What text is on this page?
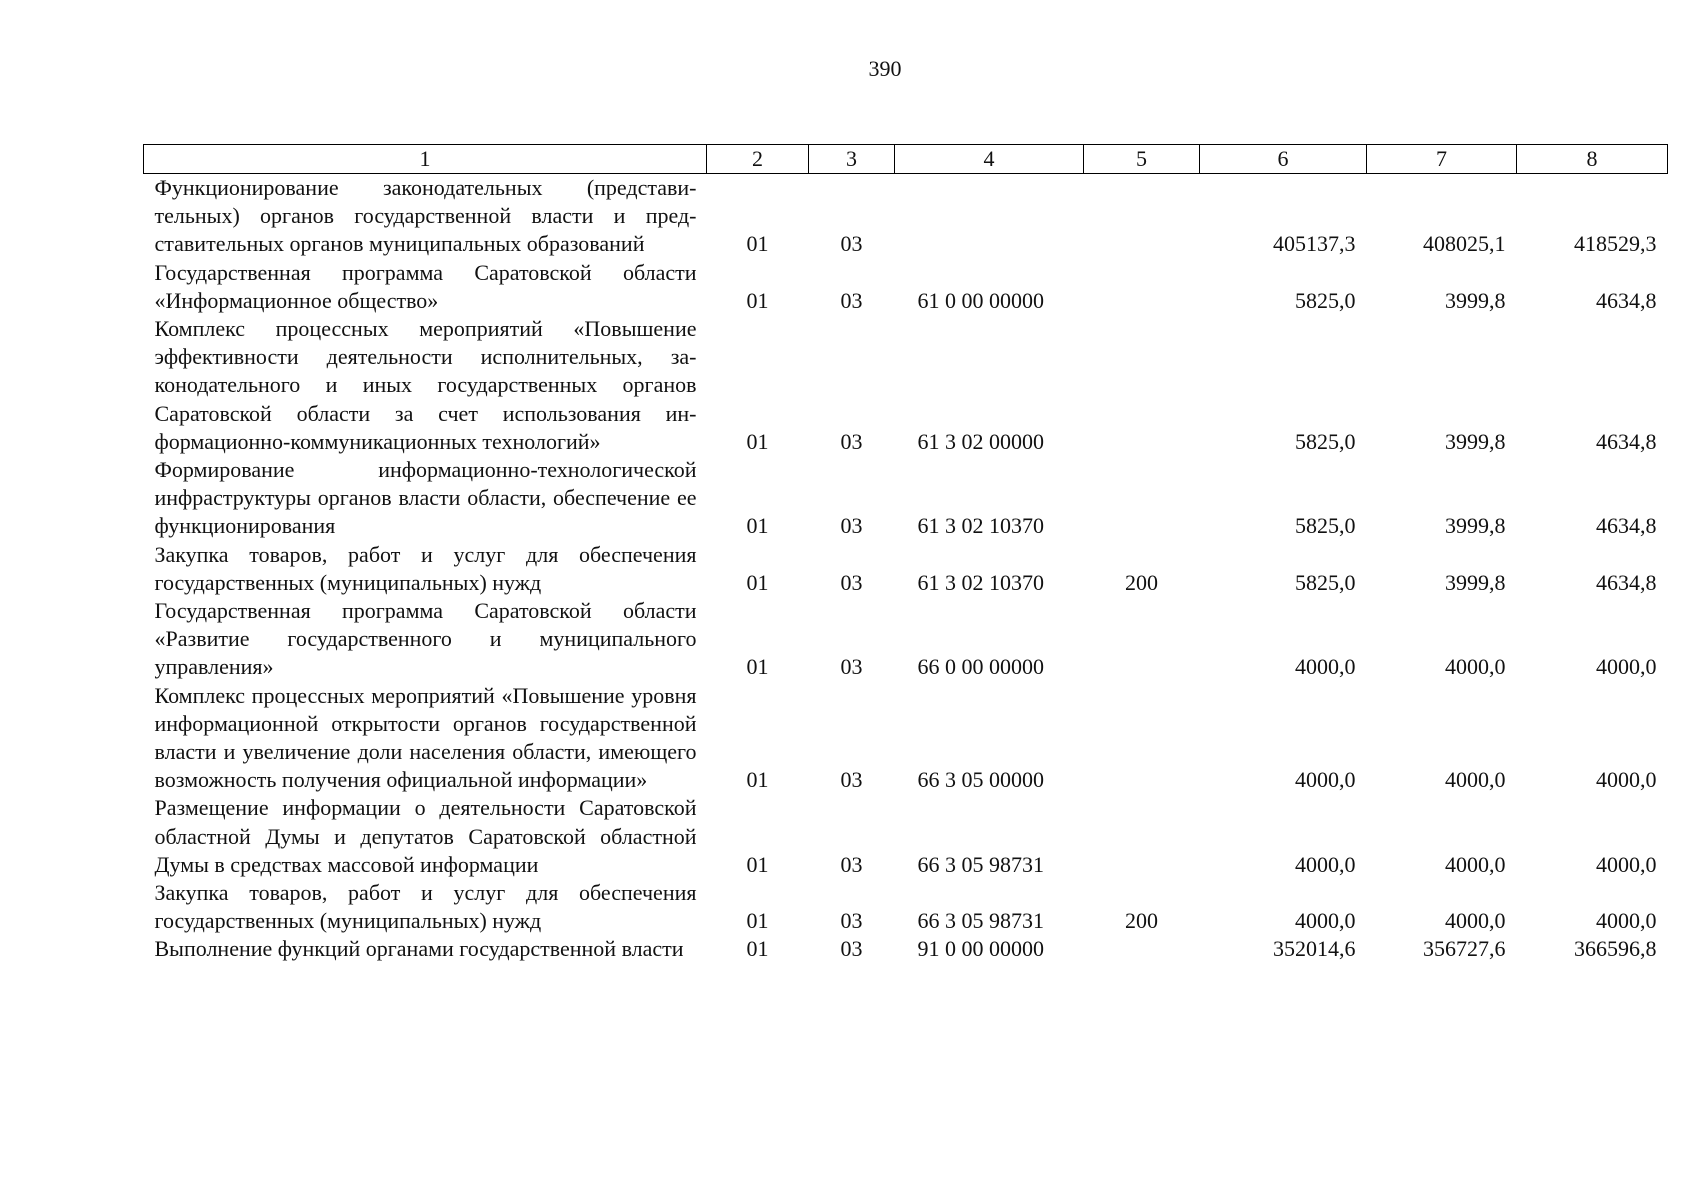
390
1	2	3	4	5	6	7	8
Функционирование законодательных (представительных) органов государственной власти и представительных органов муниципальных образований	01	03			405137,3	408025,1	418529,3
Государственная программа Саратовской области «Информационное общество»	01	03	61 0 00 00000		5825,0	3999,8	4634,8
Комплекс процессных мероприятий «Повышение эффективности деятельности исполнительных, законодательного и иных государственных органов Саратовской области за счет использования информационно-коммуникационных технологий»	01	03	61 3 02 00000		5825,0	3999,8	4634,8
Формирование информационно-технологической инфраструктуры органов власти области, обеспечение ее функционирования	01	03	61 3 02 10370		5825,0	3999,8	4634,8
Закупка товаров, работ и услуг для обеспечения государственных (муниципальных) нужд	01	03	61 3 02 10370	200	5825,0	3999,8	4634,8
Государственная программа Саратовской области «Развитие государственного и муниципального управления»	01	03	66 0 00 00000		4000,0	4000,0	4000,0
Комплекс процессных мероприятий «Повышение уровня информационной открытости органов государственной власти и увеличение доли населения области, имеющего возможность получения официальной информации»	01	03	66 3 05 00000		4000,0	4000,0	4000,0
Размещение информации о деятельности Саратовской областной Думы и депутатов Саратовской областной Думы в средствах массовой информации	01	03	66 3 05 98731		4000,0	4000,0	4000,0
Закупка товаров, работ и услуг для обеспечения государственных (муниципальных) нужд	01	03	66 3 05 98731	200	4000,0	4000,0	4000,0
Выполнение функций органами государственной власти	01	03	91 0 00 00000		352014,6	356727,6	366596,8
